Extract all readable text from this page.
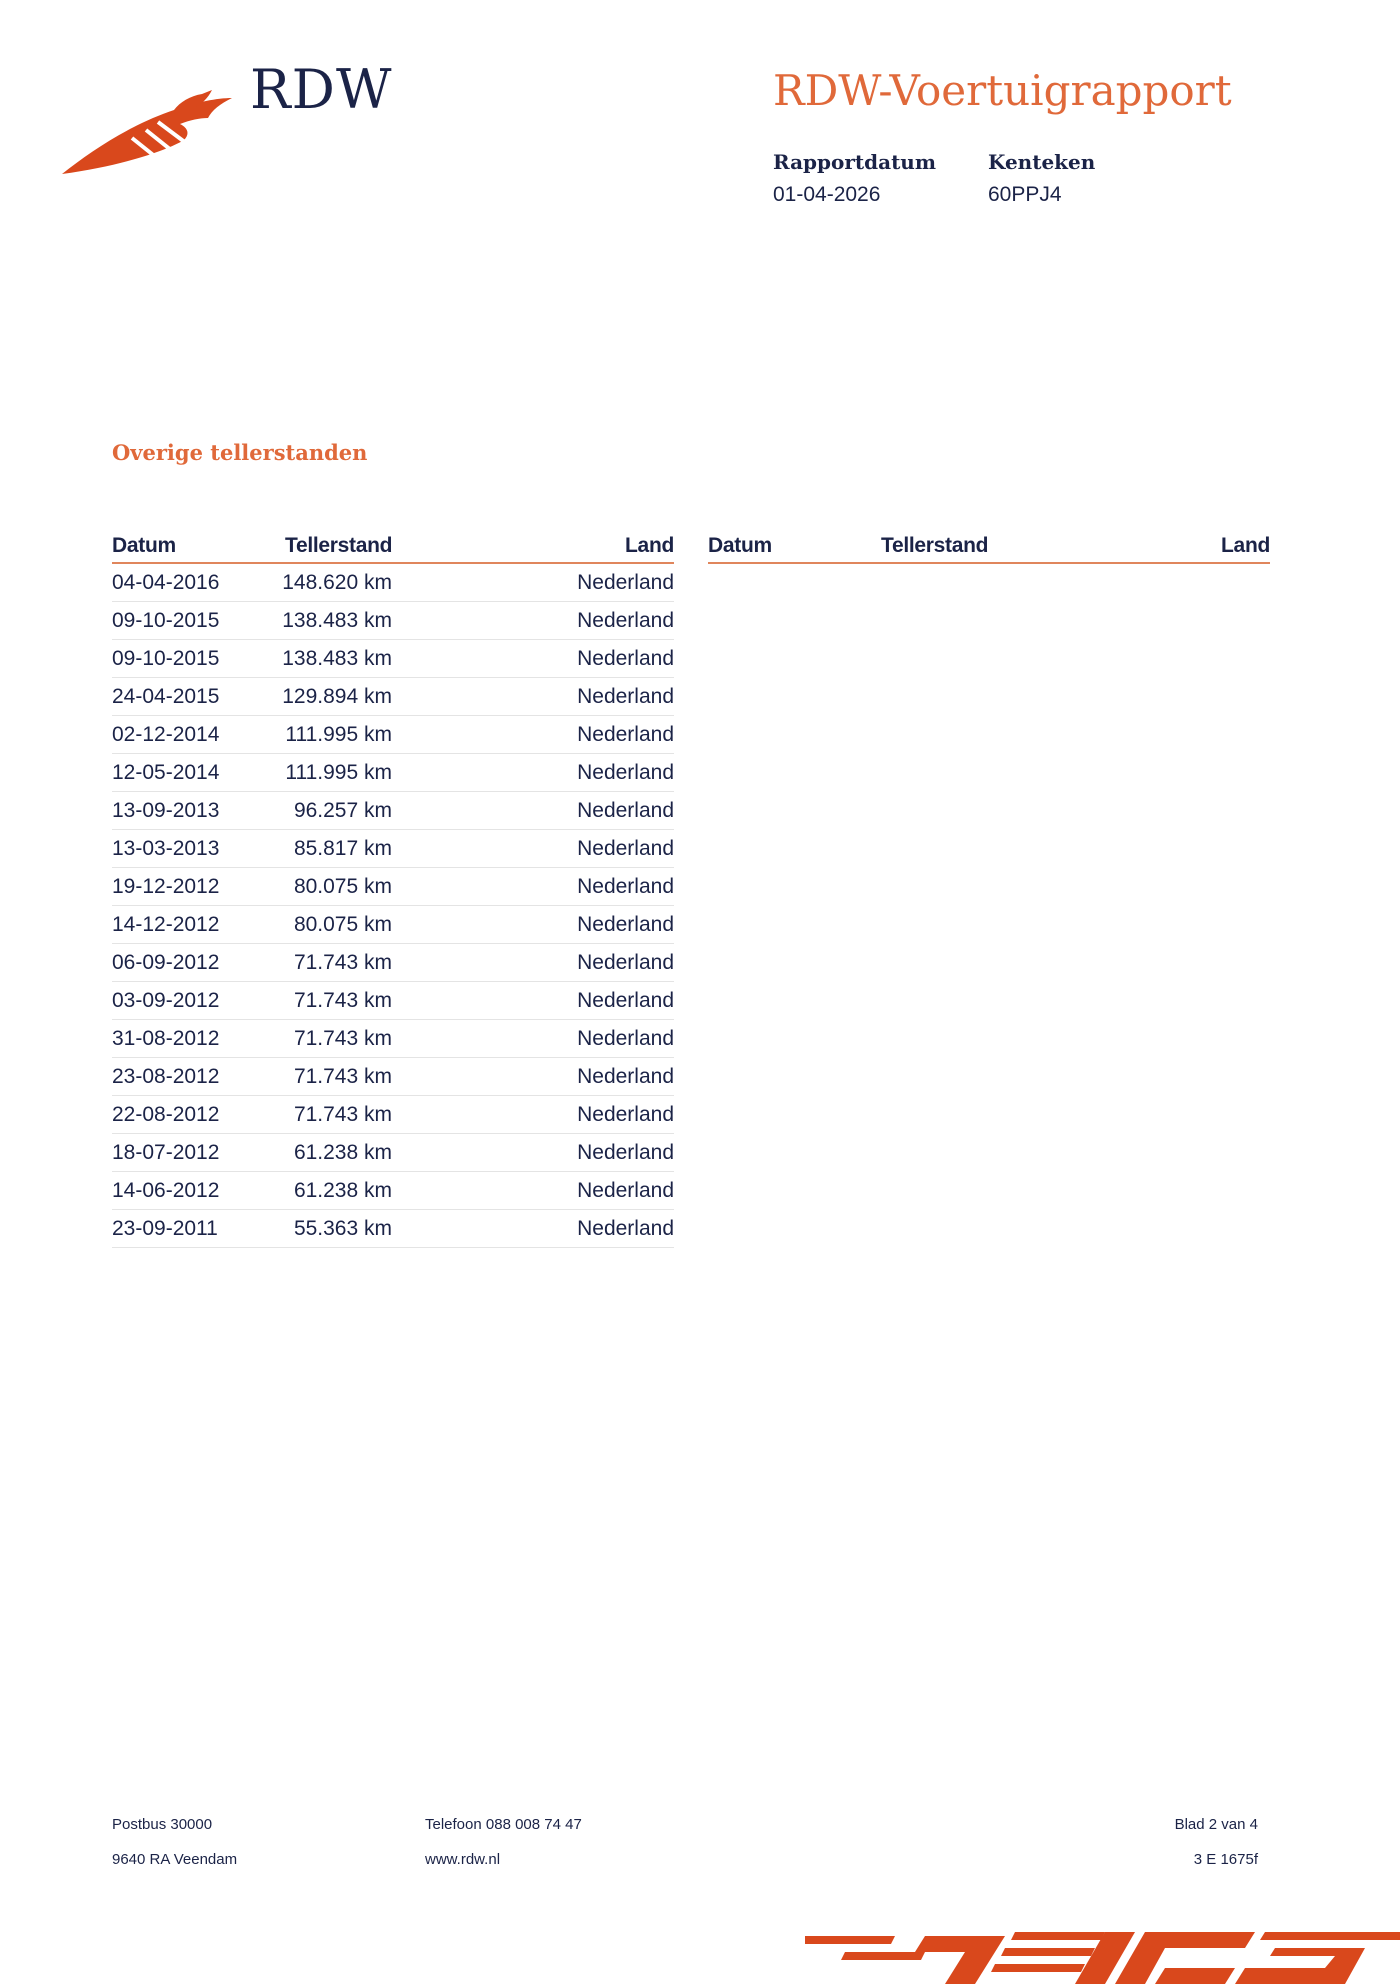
RDW	RDW-Voertuigrapport
Rapportdatum
01-04-2026
Kenteken
60PPJ4
Overige tellerstanden
Datum	Tellerstand	Land
04-04-2016	148.620 km	Nederland
09-10-2015	138.483 km	Nederland
09-10-2015	138.483 km	Nederland
24-04-2015	129.894 km	Nederland
02-12-2014	111.995 km	Nederland
12-05-2014	111.995 km	Nederland
13-09-2013	96.257 km	Nederland
13-03-2013	85.817 km	Nederland
19-12-2012	80.075 km	Nederland
14-12-2012	80.075 km	Nederland
06-09-2012	71.743 km	Nederland
03-09-2012	71.743 km	Nederland
31-08-2012	71.743 km	Nederland
23-08-2012	71.743 km	Nederland
22-08-2012	71.743 km	Nederland
18-07-2012	61.238 km	Nederland
14-06-2012	61.238 km	Nederland
23-09-2011	55.363 km	Nederland
Datum	Tellerstand	Land
Postbus 30000
9640 RA Veendam
Telefoon 088 008 74 47
www.rdw.nl
Blad 2 van 4
3 E 1675f
